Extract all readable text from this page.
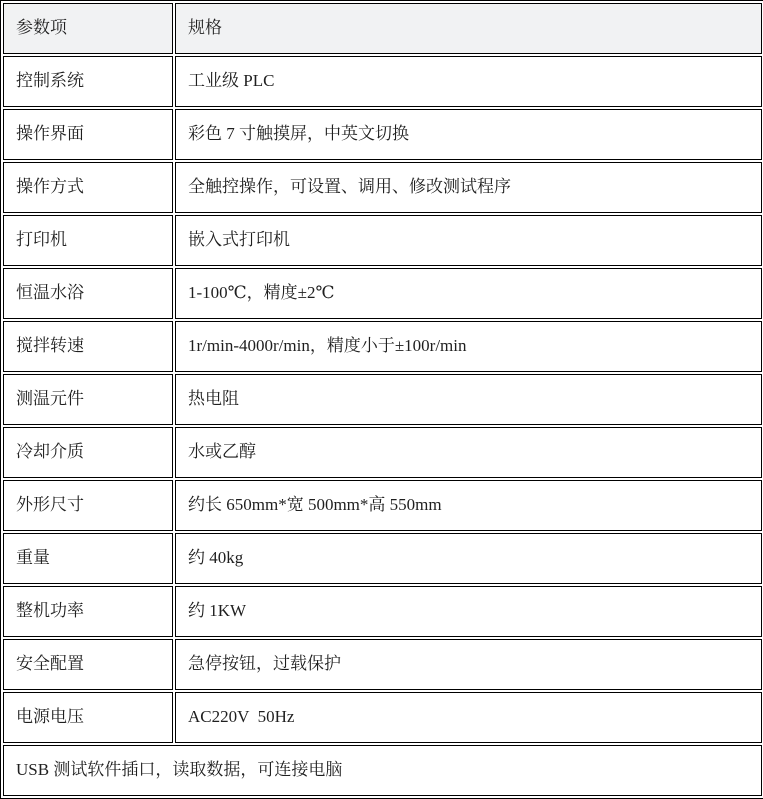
参数项	规格
控制系统	工业级 PLC
操作界面	彩色 7 寸触摸屏，中英文切换
操作方式	全触控操作，可设置、调用、修改测试程序
打印机	嵌入式打印机
恒温水浴	1-100℃，精度±2℃
搅拌转速	1r/min-4000r/min，精度小于±100r/min
测温元件	热电阻
冷却介质	水或乙醇
外形尺寸	约长 650mm*宽 500mm*高 550mm
重量	约 40kg
整机功率	约 1KW
安全配置	急停按钮，过载保护
电源电压	AC220V  50Hz
USB 测试软件插口，读取数据，可连接电脑	
